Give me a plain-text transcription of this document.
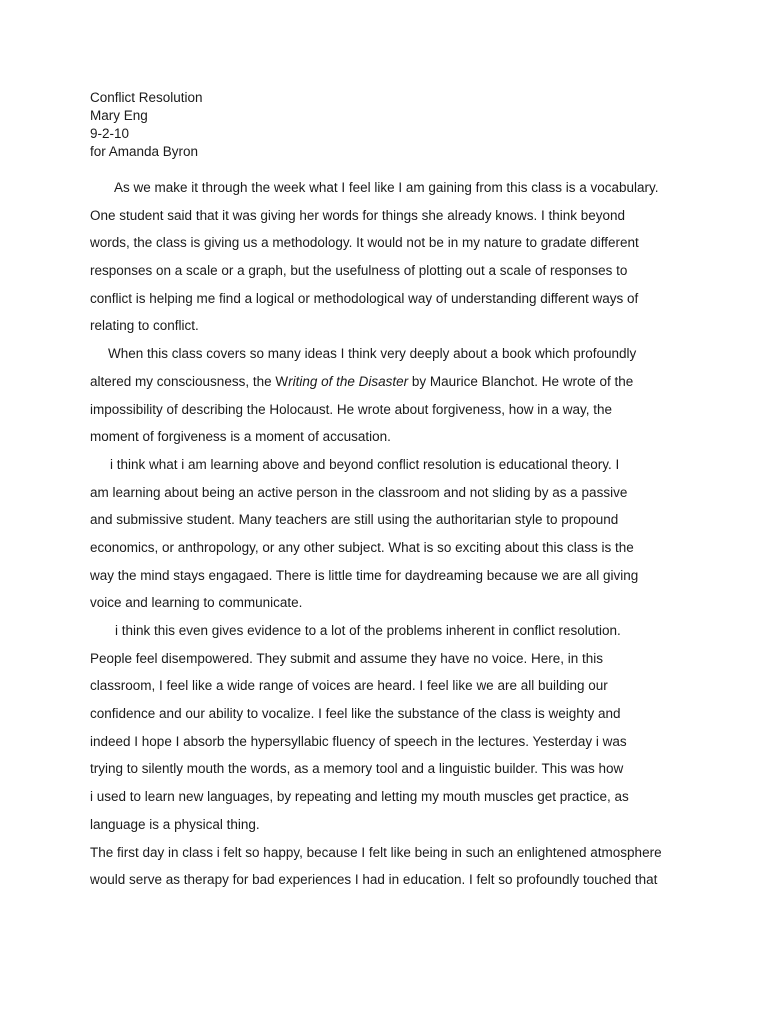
Conflict Resolution
Mary Eng
9-2-10
for Amanda Byron
As we make it through the week what I feel like I am gaining from this class is a vocabulary.
One student said that it was giving her words for things she already knows. I think beyond
words, the class is giving us a methodology. It would not be in my nature to gradate different
responses on a scale or a graph, but the usefulness of plotting out a scale of responses to
conflict is helping me find a logical or methodological way of understanding different ways of
relating to conflict.
When this class covers so many ideas I think very deeply about a book which profoundly
altered my consciousness, the Writing of the Disaster by Maurice Blanchot. He wrote of the
impossibility of describing the Holocaust. He wrote about forgiveness, how in a way, the
moment of forgiveness is a moment of accusation.
i think what i am learning above and beyond conflict resolution is educational theory. I
am learning about being an active person in the classroom and not sliding by as a passive
and submissive student. Many teachers are still using the authoritarian style to propound
economics, or anthropology, or any other subject. What is so exciting about this class is the
way the mind stays engagaed. There is little time for daydreaming because we are all giving
voice and learning to communicate.
i think this even gives evidence to a lot of the problems inherent in conflict resolution.
People feel disempowered. They submit and assume they have no voice. Here, in this
classroom, I feel like a wide range of voices are heard. I feel like we are all building our
confidence and our ability to vocalize. I feel like the substance of the class is weighty and
indeed I hope I absorb the hypersyllabic fluency of speech in the lectures. Yesterday i was
trying to silently mouth the words, as a memory tool and a linguistic builder. This was how
i used to learn new languages, by repeating and letting my mouth muscles get practice, as
language is a physical thing.
The first day in class i felt so happy, because I felt like being in such an enlightened atmosphere
would serve as therapy for bad experiences I had in education. I felt so profoundly touched that
